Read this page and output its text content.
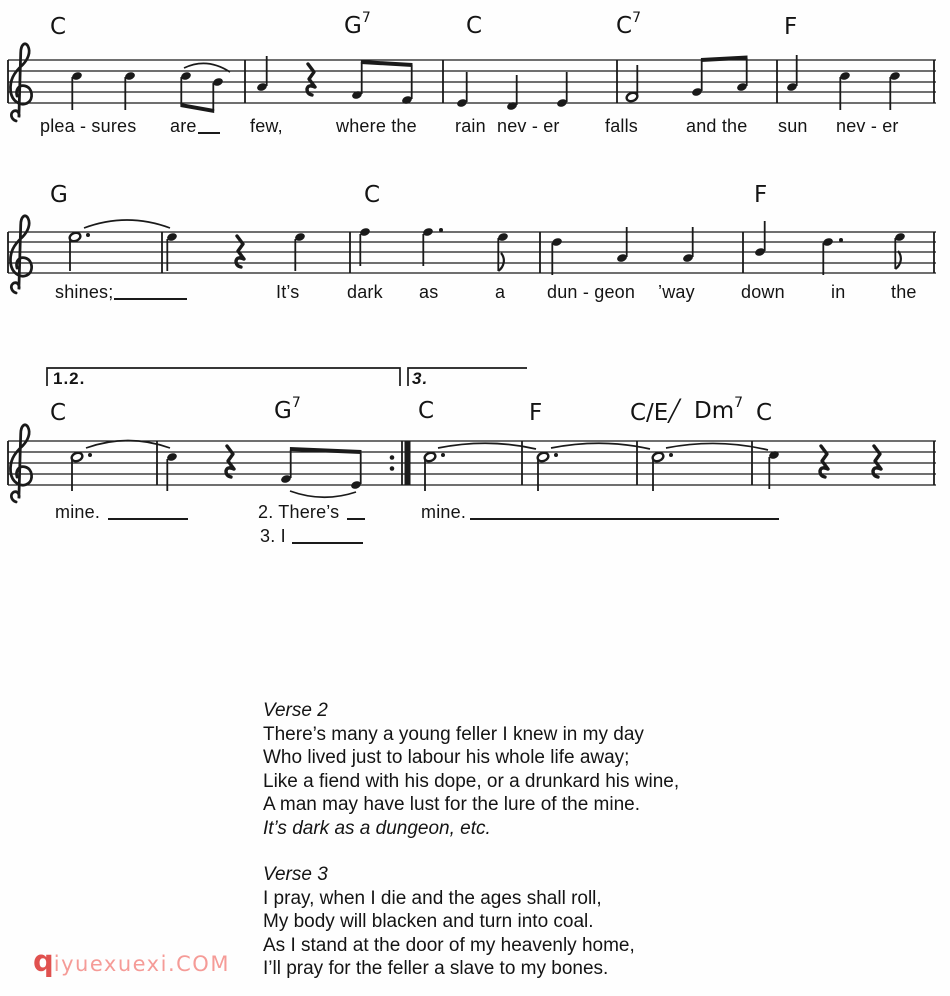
C	$G^7$	C	$C^7$	F
G	C	F
C	$G^7$	C	F	C/E ╱ Dm$^7$ C
1.2.	3.
plea - sures are	few,	where the rain nev - er	falls	and the sun nev - er
shines;	It’s	dark as	a dun - geon ’way	down	in	the
mine.	2. There’s	mine.
3. I
Verse 2
There’s many a young feller I knew in my day
Who lived just to labour his whole life away;
Like a fiend with his dope, or a drunkard his wine,
A man may have lust for the lure of the mine.
It’s dark as a dungeon, etc.
Verse 3
I pray, when I die and the ages shall roll,
My body will blacken and turn into coal.
As I stand at the door of my heavenly home,
I’ll pray for the feller a slave to my bones.
qiyuexuexi.COM
